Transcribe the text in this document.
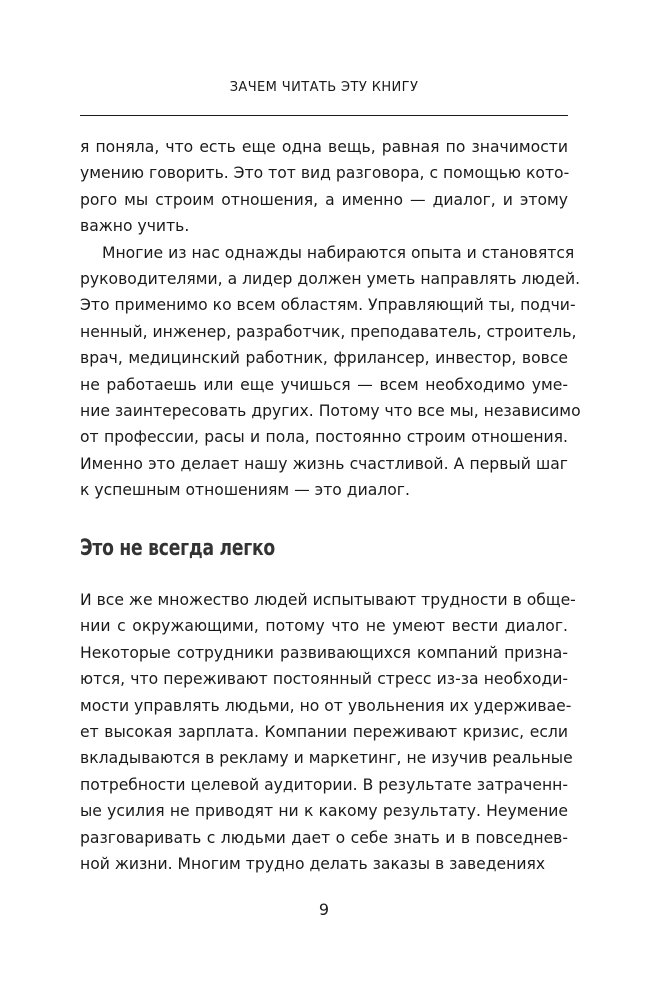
ЗАЧЕМ ЧИТАТЬ ЭТУ КНИГУ
я поняла, что есть еще одна вещь, равная по значимости
умению говорить. Это тот вид разговора, с помощью кото-
рого мы строим отношения, а именно — диалог, и этому
важно учить.
Многие из нас однажды набираются опыта и становятся
руководителями, а лидер должен уметь направлять людей.
Это применимо ко всем областям. Управляющий ты, подчи-
ненный, инженер, разработчик, преподаватель, строитель,
врач, медицинский работник, фрилансер, инвестор, вовсе
не работаешь или еще учишься — всем необходимо уме-
ние заинтересовать других. Потому что все мы, независимо
от профессии, расы и пола, постоянно строим отношения.
Именно это делает нашу жизнь счастливой. А первый шаг
к успешным отношениям — это диалог.
Это не всегда легко
И все же множество людей испытывают трудности в обще-
нии с окружающими, потому что не умеют вести диалог.
Некоторые сотрудники развивающихся компаний призна-
ются, что переживают постоянный стресс из-за необходи-
мости управлять людьми, но от увольнения их удерживае-
ет высокая зарплата. Компании переживают кризис, если
вкладываются в рекламу и маркетинг, не изучив реальные
потребности целевой аудитории. В результате затраченн-
ые усилия не приводят ни к какому результату. Неумение
разговаривать с людьми дает о себе знать и в повседнев-
ной жизни. Многим трудно делать заказы в заведениях
9
